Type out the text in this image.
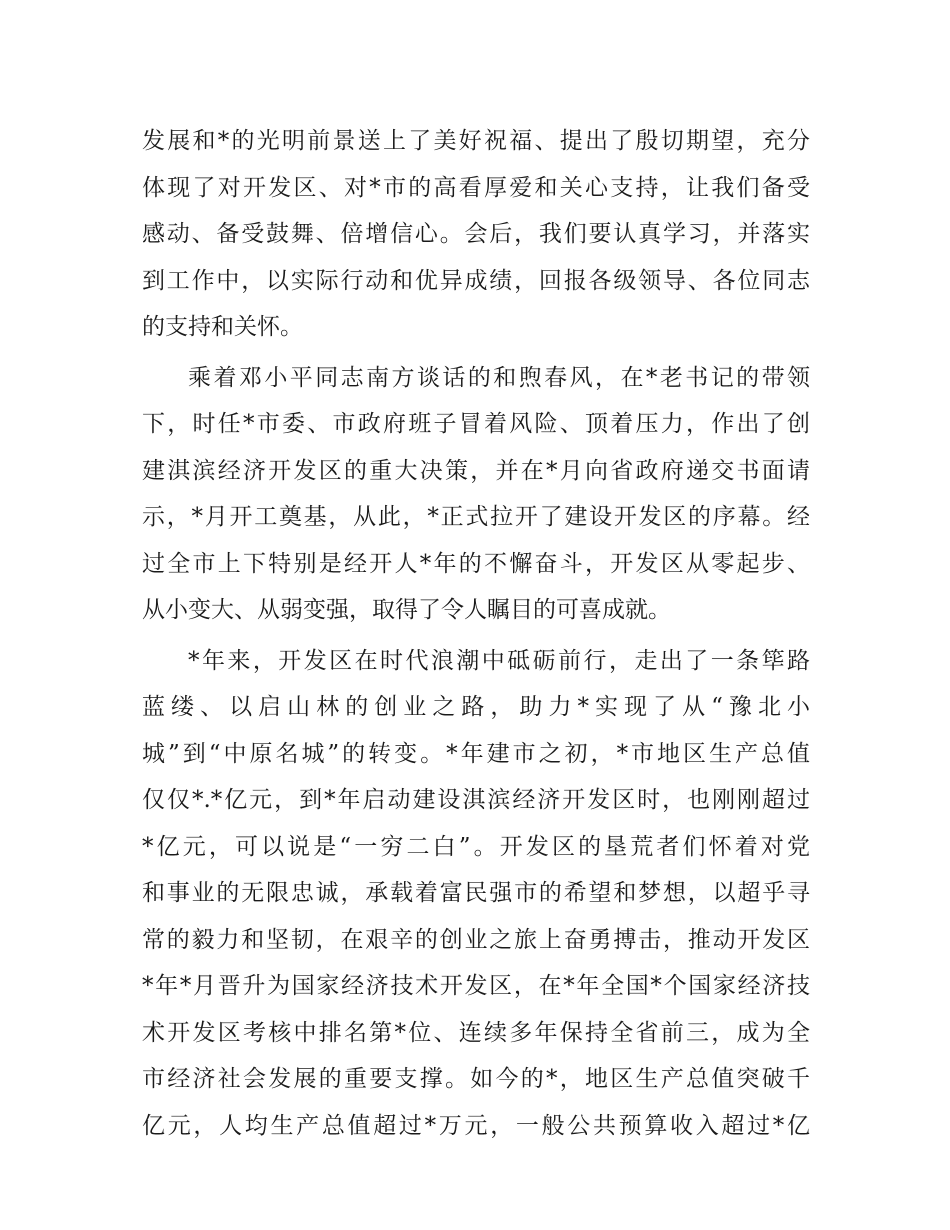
发展和*的光明前景送上了美好祝福、提出了殷切期望，充分
体现了对开发区、对*市的高看厚爱和关心支持，让我们备受
感动、备受鼓舞、倍增信心。会后，我们要认真学习，并落实
到工作中，以实际行动和优异成绩，回报各级领导、各位同志
的支持和关怀。
乘着邓小平同志南方谈话的和煦春风，在*老书记的带领
下，时任*市委、市政府班子冒着风险、顶着压力，作出了创
建淇滨经济开发区的重大决策，并在*月向省政府递交书面请
示，*月开工奠基，从此，*正式拉开了建设开发区的序幕。经
过全市上下特别是经开人*年的不懈奋斗，开发区从零起步、
从小变大、从弱变强，取得了令人瞩目的可喜成就。
*年来，开发区在时代浪潮中砥砺前行，走出了一条筚路
蓝缕、以启山林的创业之路，助力*实现了从“豫北小
城”到“中原名城”的转变。*年建市之初，*市地区生产总值
仅仅*.*亿元，到*年启动建设淇滨经济开发区时，也刚刚超过
*亿元，可以说是“一穷二白”。开发区的垦荒者们怀着对党
和事业的无限忠诚，承载着富民强市的希望和梦想，以超乎寻
常的毅力和坚韧，在艰辛的创业之旅上奋勇搏击，推动开发区
*年*月晋升为国家经济技术开发区，在*年全国*个国家经济技
术开发区考核中排名第*位、连续多年保持全省前三，成为全
市经济社会发展的重要支撑。如今的*，地区生产总值突破千
亿元，人均生产总值超过*万元，一般公共预算收入超过*亿
